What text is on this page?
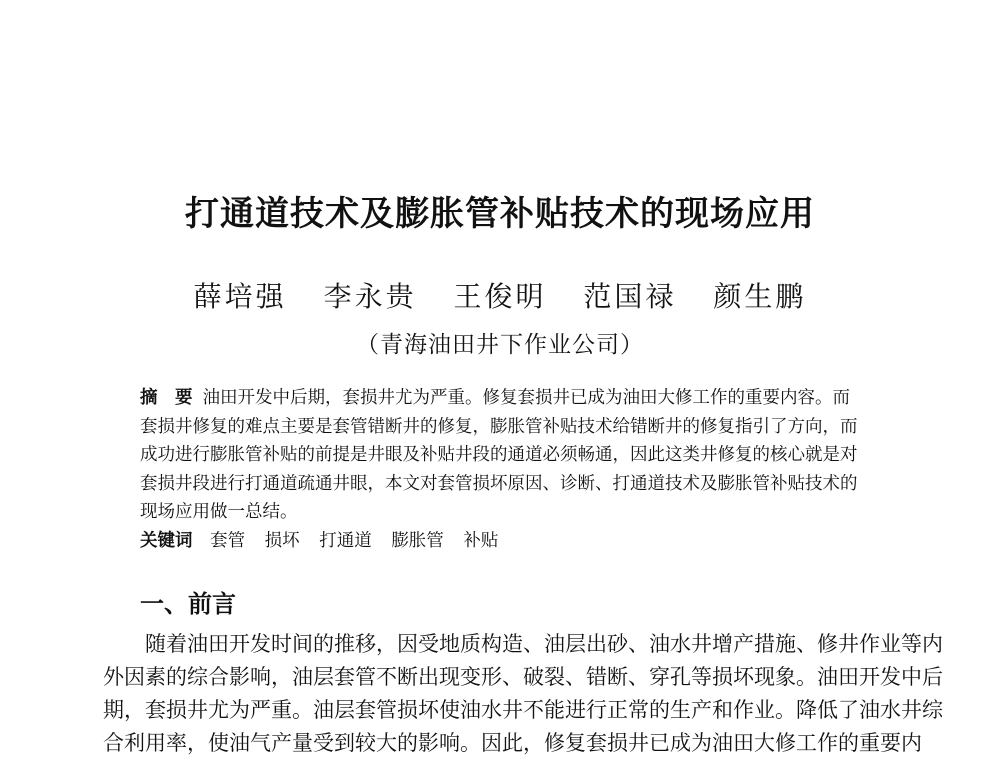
打通道技术及膨胀管补贴技术的现场应用
薛培强 李永贵 王俊明 范国禄 颜生鹏
（青海油田井下作业公司）
摘　要 油田开发中后期，套损井尤为严重。修复套损井已成为油田大修工作的重要内容。而
套损井修复的难点主要是套管错断井的修复，膨胀管补贴技术给错断井的修复指引了方向，而
成功进行膨胀管补贴的前提是井眼及补贴井段的通道必须畅通，因此这类井修复的核心就是对
套损井段进行打通道疏通井眼，本文对套管损坏原因、诊断、打通道技术及膨胀管补贴技术的
现场应用做一总结。
关键词 套管 损坏 打通道 膨胀管 补贴
一、前言
随着油田开发时间的推移，因受地质构造、油层出砂、油水井增产措施、修井作业等内
外因素的综合影响，油层套管不断出现变形、破裂、错断、穿孔等损坏现象。油田开发中后
期，套损井尤为严重。油层套管损坏使油水井不能进行正常的生产和作业。降低了油水井综
合利用率，使油气产量受到较大的影响。因此，修复套损井已成为油田大修工作的重要内
